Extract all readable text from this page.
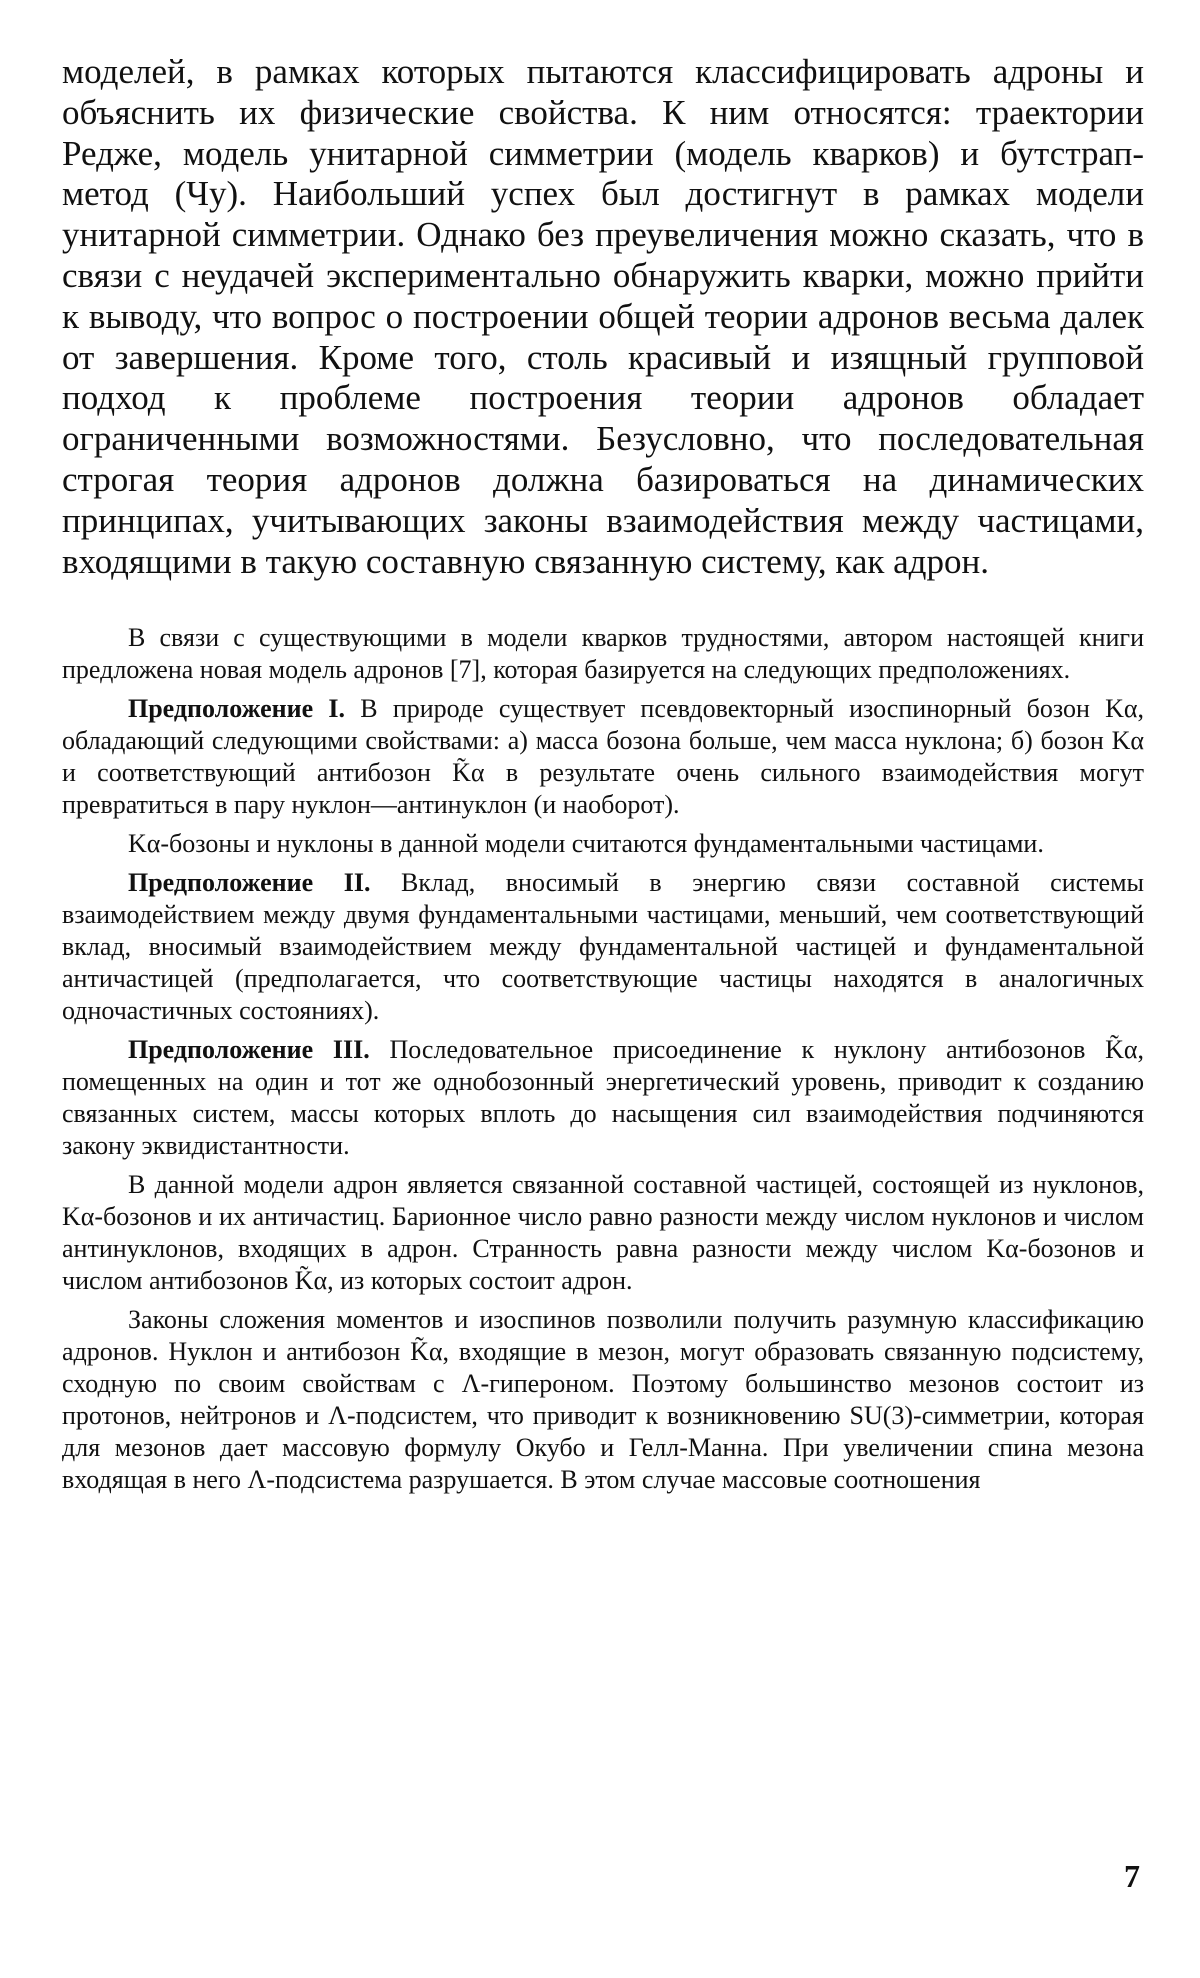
моделей, в рамках которых пытаются классифицировать адроны и объяснить их физические свойства. К ним относятся: траектории Редже, модель унитарной симметрии (модель кварков) и бутстрап-метод (Чу). Наибольший успех был достигнут в рамках модели унитарной симметрии. Однако без преувеличения можно сказать, что в связи с неудачей экспериментально обнаружить кварки, можно прийти к выводу, что вопрос о построении общей теории адронов весьма далек от завершения. Кроме того, столь красивый и изящный групповой подход к проблеме построения теории адронов обладает ограниченными возможностями. Безусловно, что последовательная строгая теория адронов должна базироваться на динамических принципах, учитывающих законы взаимодействия между частицами, входящими в такую составную связанную систему, как адрон.

В связи с существующими в модели кварков трудностями, автором настоящей книги предложена новая модель адронов [7], которая базируется на следующих предположениях.

Предположение I. В природе существует псевдовекторный изоспинорный бозон Kα, обладающий следующими свойствами: а) масса бозона больше, чем масса нуклона; б) бозон Kα и соответствующий антибозон K̃α в результате очень сильного взаимодействия могут превратиться в пару нуклон—антинуклон (и наоборот).

Kα-бозоны и нуклоны в данной модели считаются фундаментальными частицами.

Предположение II. Вклад, вносимый в энергию связи составной системы взаимодействием между двумя фундаментальными частицами, меньший, чем соответствующий вклад, вносимый взаимодействием между фундаментальной частицей и фундаментальной античастицей (предполагается, что соответствующие частицы находятся в аналогичных одночастичных состояниях).

Предположение III. Последовательное присоединение к нуклону антибозонов K̃α, помещенных на один и тот же однобозонный энергетический уровень, приводит к созданию связанных систем, массы которых вплоть до насыщения сил взаимодействия подчиняются закону эквидистантности.

В данной модели адрон является связанной составной частицей, состоящей из нуклонов, Kα-бозонов и их античастиц. Барионное число равно разности между числом нуклонов и числом антинуклонов, входящих в адрон. Странность равна разности между числом Kα-бозонов и числом антибозонов K̃α, из которых состоит адрон.

Законы сложения моментов и изоспинов позволили получить разумную классификацию адронов. Нуклон и антибозон K̃α, входящие в мезон, могут образовать связанную подсистему, сходную по своим свойствам с Λ-гипероном. Поэтому большинство мезонов состоит из протонов, нейтронов и Λ-подсистем, что приводит к возникновению SU(3)-симметрии, которая для мезонов дает массовую формулу Окубо и Гелл-Манна. При увеличении спина мезона входящая в него Λ-подсистема разрушается. В этом случае массовые соотношения

7
